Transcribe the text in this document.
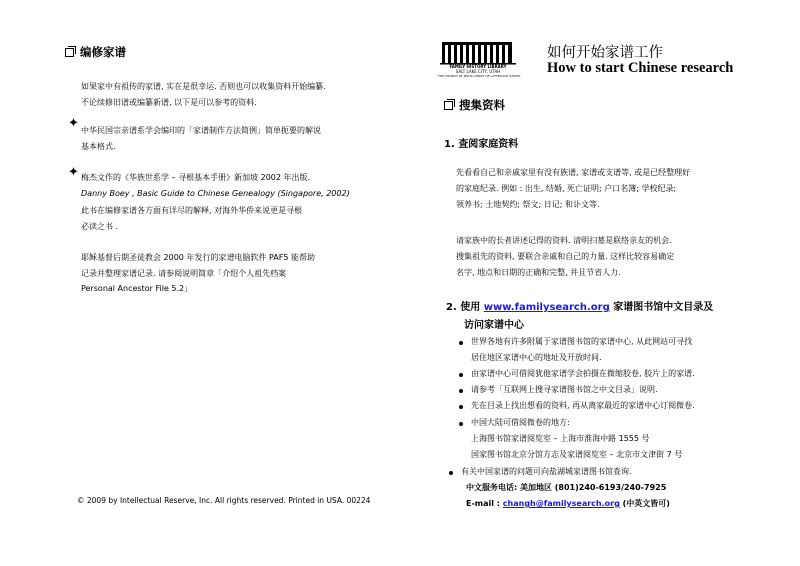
编修家谱
如果家中有祖传的家谱, 实在是很幸运. 否则也可以收集资料开始编纂.
不论续修旧谱或编纂新谱, 以下是可以参考的资料.
✦ 中华民国宗亲谱系学会编印的「家谱制作方法简例」简单扼要的解说
基本格式.
✦ 梅杰文作的《华族世系学 – 寻根基本手册》新加坡 2002 年出版.
Danny Boey , Basic Guide to Chinese Genealogy (Singapore, 2002)
此书在编修家谱各方面有详尽的解释, 对海外华侨来说更是寻根
必读之书 .
耶稣基督后期圣徒教会 2000 年发行的家谱电脑软件 PAF5 能帮助
记录并整理家谱记录. 请参阅说明简章「介绍个人祖先档案
Personal Ancestor File 5.2」
© 2009 by Intellectual Reserve, Inc. All rights reserved. Printed in USA. 00224
FAMILY HISTORY LIBRARY
SALT LAKE CITY, UTAH
THE CHURCH OF JESUS CHRIST OF LATTER-DAY SAINTS
如何开始家谱工作
How to start Chinese research
搜集资料
1. 查阅家庭资料
先看看自己和亲戚家里有没有族谱, 家谱或支谱等, 或是已经整理好
的家庭纪录. 例如 : 出生, 结婚, 死亡证明; 户口名簿; 学校纪录;
领养书; 土地契约; 祭文; 日记; 和讣文等.
请家族中的长者讲述记得的资料. 清明扫墓是联络亲友的机会.
搜集祖先的资料, 要联合亲戚和自己的力量. 这样比较容易确定
名字, 地点和日期的正确和完整, 并且节省人力.
2. 使用 www.familysearch.org 家谱图书馆中文目录及
访问家谱中心
世界各地有许多附属于家谱图书馆的家谱中心, 从此网站可寻找
居住地区家谱中心的地址及开放时间.
由家谱中心可借阅犹他家谱学会拍摄在微缩胶卷, 胶片上的家谱.
请参考「互联网上搜寻家谱图书馆之中文目录」说明.
先在目录上找出想看的资料, 再从离家最近的家谱中心订阅微卷.
中国大陆可借阅微卷的地方:
上海图书馆家谱阅览室 – 上海市淮海中路 1555 号
国家图书馆北京分馆方志及家谱阅览室 – 北京市文津街 7 号
有关中国家谱的问题可向盐湖城家谱图书馆查询.
中文服务电话: 美加地区 (801)240-6193/240-7925
E-mail : changh@familysearch.org (中英文皆可)
